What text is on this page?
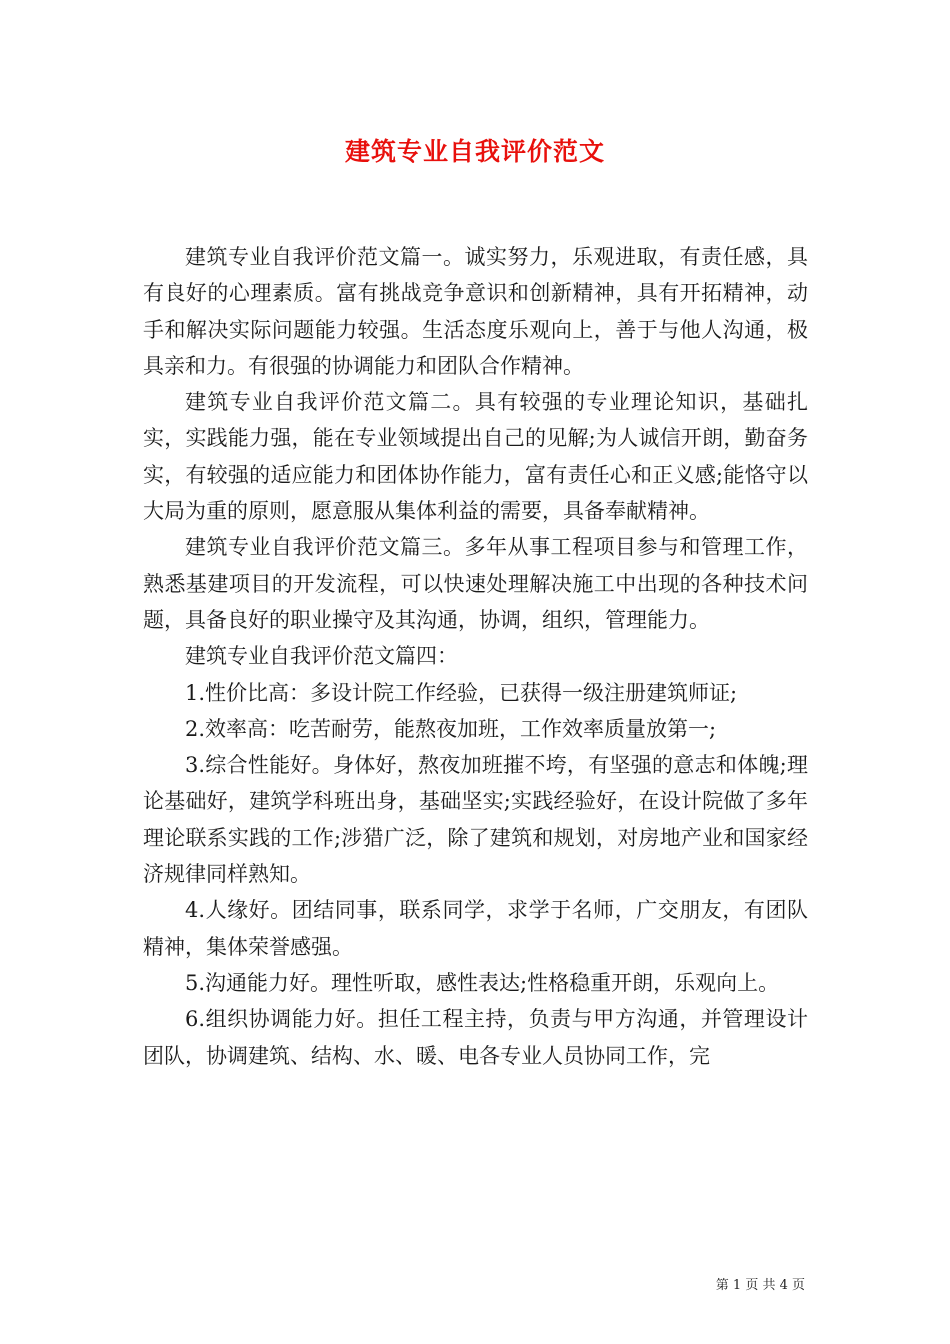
建筑专业自我评价范文

建筑专业自我评价范文篇一。诚实努力，乐观进取，有责任感，具有良好的心理素质。富有挑战竞争意识和创新精神，具有开拓精神，动手和解决实际问题能力较强。生活态度乐观向上，善于与他人沟通，极具亲和力。有很强的协调能力和团队合作精神。

建筑专业自我评价范文篇二。具有较强的专业理论知识，基础扎实，实践能力强，能在专业领域提出自己的见解;为人诚信开朗，勤奋务实，有较强的适应能力和团体协作能力，富有责任心和正义感;能恪守以大局为重的原则，愿意服从集体利益的需要，具备奉献精神。

建筑专业自我评价范文篇三。多年从事工程项目参与和管理工作，熟悉基建项目的开发流程，可以快速处理解决施工中出现的各种技术问题，具备良好的职业操守及其沟通，协调，组织，管理能力。

建筑专业自我评价范文篇四：

1.性价比高：多设计院工作经验，已获得一级注册建筑师证;

2.效率高：吃苦耐劳，能熬夜加班，工作效率质量放第一;

3.综合性能好。身体好，熬夜加班摧不垮，有坚强的意志和体魄;理论基础好，建筑学科班出身，基础坚实;实践经验好，在设计院做了多年理论联系实践的工作;涉猎广泛，除了建筑和规划，对房地产业和国家经济规律同样熟知。

4.人缘好。团结同事，联系同学，求学于名师，广交朋友，有团队精神，集体荣誉感强。

5.沟通能力好。理性听取，感性表达;性格稳重开朗，乐观向上。

6.组织协调能力好。担任工程主持，负责与甲方沟通，并管理设计团队，协调建筑、结构、水、暖、电各专业人员协同工作，完

第 1 页 共 4 页
